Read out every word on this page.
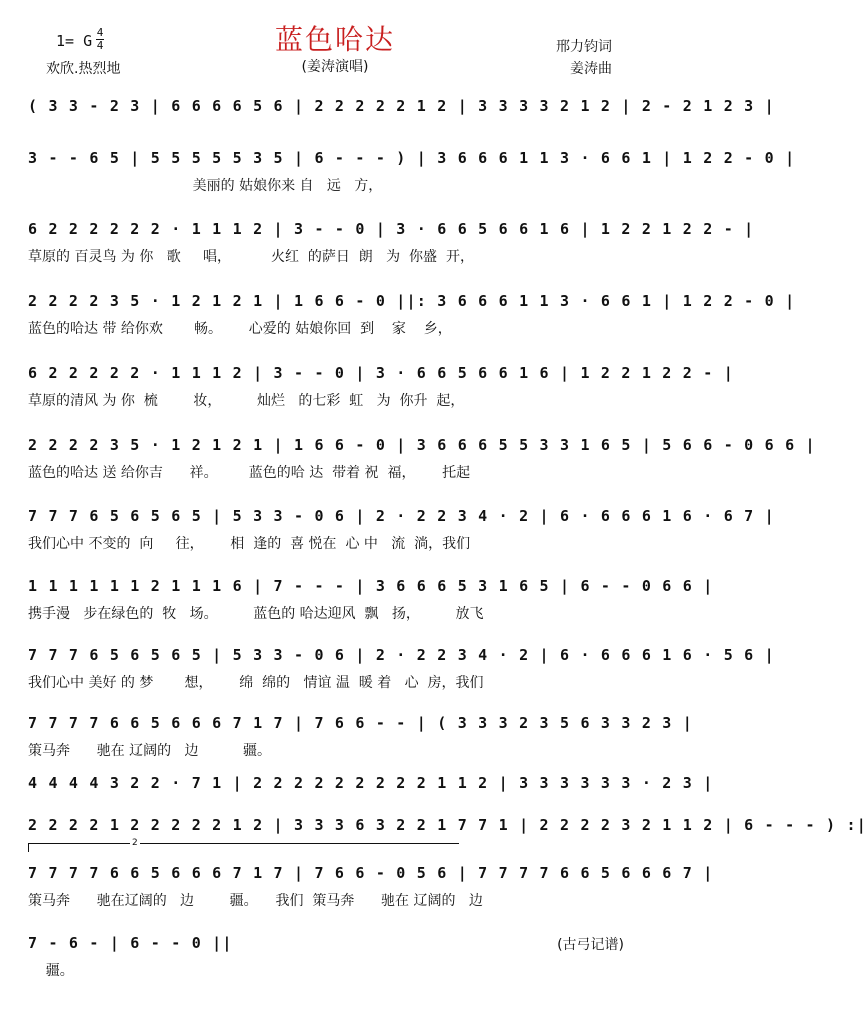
蓝色哈达
(姜涛演唱)
1= G 4
4
欢欣.热烈地
邢力钧词
姜涛曲
( 3 3 - 2 3 | 6 6 6 6 5 6 | 2 2 2 2 2 1 2 | 3 3 3 3 2 1 2 | 2 - 2 1 2 3 |
3 - - 6 5 | 5 5 5 5 5 3 5 | 6 - - - ) | 3 6 6 6 1 1 3 · 6 6 1 | 1 2 2 - 0 |
美丽的 姑娘你来 自   远   方，
6 2 2 2 2 2 2 · 1 1 1 2 | 3 - - 0 | 3 · 6 6 5 6 6 1 6 | 1 2 2 1 2 2 - |
草原的 百灵鸟 为 你   歌     唱，         火红  的萨日  朗   为  你盛  开，
2 2 2 2 3 5 · 1 2 1 2 1 | 1 6 6 - 0 ||: 3 6 6 6 1 1 3 · 6 6 1 | 1 2 2 - 0 |
蓝色的哈达 带 给你欢       畅。      心爱的 姑娘你回  到    家    乡，
6 2 2 2 2 2 · 1 1 1 2 | 3 - - 0 | 3 · 6 6 5 6 6 1 6 | 1 2 2 1 2 2 - |
草原的清风 为 你  梳        妆，        灿烂   的七彩  虹   为  你升  起，
2 2 2 2 3 5 · 1 2 1 2 1 | 1 6 6 - 0 | 3 6 6 6 5 5 3 3 1 6 5 | 5 6 6 - 0 6 6 |
蓝色的哈达 送 给你吉      祥。       蓝色的哈 达  带着 祝  福，      托起
7 7 7 6 5 6 5 6 5 | 5 3 3 - 0 6 | 2 · 2 2 3 4 · 2 | 6 · 6 6 6 1 6 · 6 7 |
我们心中 不变的  向     往，      相  逢的  喜 悦在  心 中   流  淌，我们
1 1 1 1 1 1 2 1 1 1 6 | 7 - - - | 3 6 6 6 5 3 1 6 5 | 6 - - 0 6 6 |
携手漫   步在绿色的  牧   场。        蓝色的 哈达迎风  飘   扬，        放飞
7 7 7 6 5 6 5 6 5 | 5 3 3 - 0 6 | 2 · 2 2 3 4 · 2 | 6 · 6 6 6 1 6 · 5 6 |
我们心中 美好 的 梦       想，      绵  绵的   情谊 温  暖 着   心  房，我们
7 7 7 7 6 6 5 6 6 6 7 1 7 | 7 6 6 - - | ( 3 3 3 2 3 5 6 3 3 2 3 |
策马奔      驰在 辽阔的   边          疆。
4 4 4 4 3 2 2 · 7 1 | 2 2 2 2 2 2 2 2 2 1 1 2 | 3 3 3 3 3 3 · 2 3 |
2 2 2 2 1 2 2 2 2 2 1 2 | 3 3 3 6 3 2 2 1 7 7 1 | 2 2 2 2 3 2 1 1 2 | 6 - - - ) :|
2
7 7 7 7 6 6 5 6 6 6 7 1 7 | 7 6 6 - 0 5 6 | 7 7 7 7 6 6 5 6 6 6 7 |
策马奔      驰在辽阔的   边        疆。    我们  策马奔      驰在 辽阔的   边
7 - 6 - | 6 - - 0 ||
疆。
(古弓记谱)
